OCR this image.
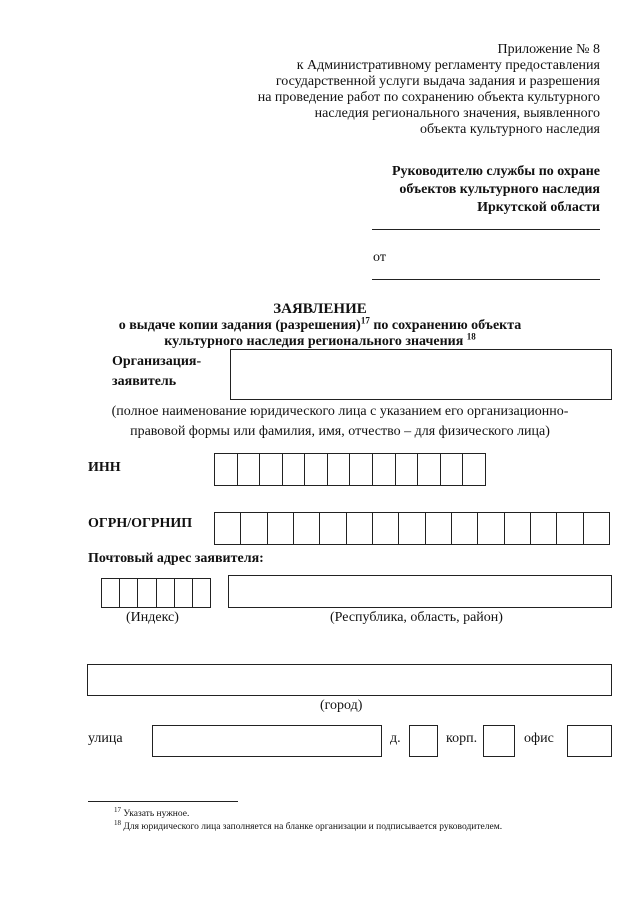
Приложение № 8
к Административному регламенту предоставления
государственной услуги выдача задания и разрешения
на проведение работ по сохранению объекта культурного
наследия регионального значения, выявленного
объекта культурного наследия
Руководителю службы по охране
объектов культурного наследия
Иркутской области
от
ЗАЯВЛЕНИЕ
о выдаче копии задания (разрешения)$^{17}$ по сохранению объекта
культурного наследия регионального значения $^{18}$
Организация-
заявитель
(полное наименование юридического лица с указанием его организационно-
правовой формы или фамилия, имя, отчество – для физического лица)
ИНН
ОГРН/ОГРНИП
Почтовый адрес заявителя:
(Индекс)	(Республика, область, район)
(город)
улица	д.	корп.	офис
$^{17}$ Указать нужное.
$^{18}$ Для юридического лица заполняется на бланке организации и подписывается руководителем.
